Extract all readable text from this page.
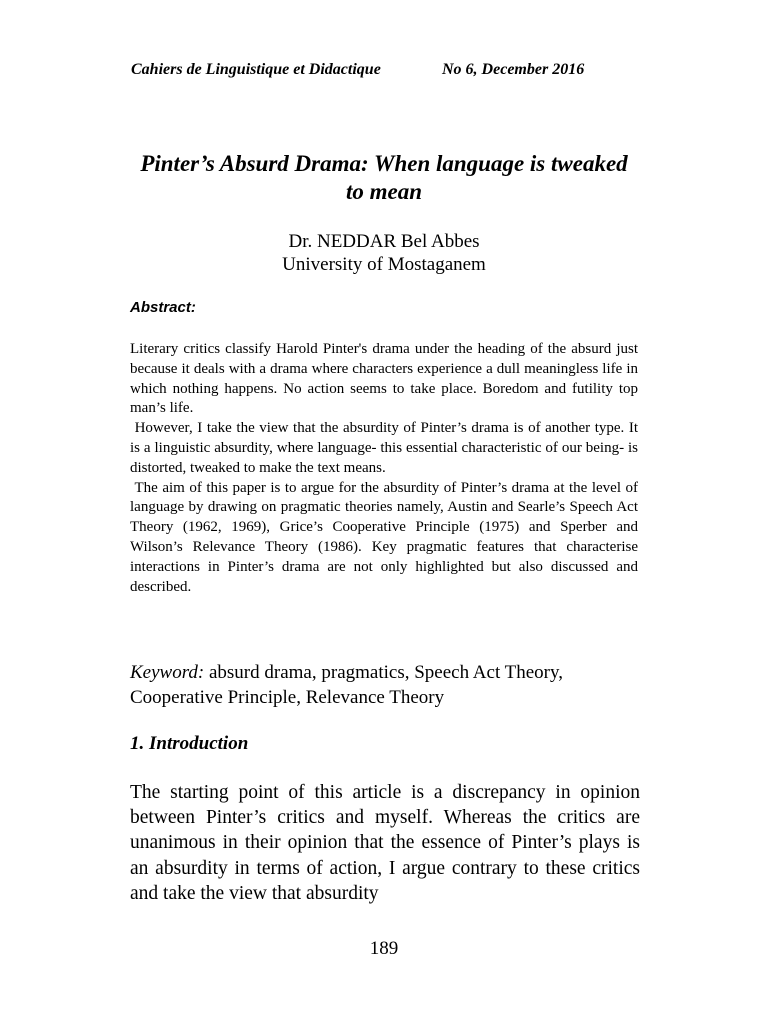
Cahiers de Linguistique et Didactique	No 6, December 2016
Pinter’s Absurd Drama: When language is tweaked to mean
Dr. NEDDAR Bel Abbes
University of Mostaganem
Abstract:

Literary critics classify Harold Pinter's drama under the heading of the absurd just because it deals with a drama where characters experience a dull meaningless life in which nothing happens. No action seems to take place. Boredom and futility top man’s life.

However, I take the view that the absurdity of Pinter’s drama is of another type. It is a linguistic absurdity, where language- this essential characteristic of our being- is distorted, tweaked to make the text means.

The aim of this paper is to argue for the absurdity of Pinter’s drama at the level of language by drawing on pragmatic theories namely, Austin and Searle’s Speech Act Theory (1962, 1969), Grice’s Cooperative Principle (1975) and Sperber and Wilson’s Relevance Theory (1986). Key pragmatic features that characterise interactions in Pinter’s drama are not only highlighted but also discussed and described.

Keyword: absurd drama, pragmatics, Speech Act Theory, Cooperative Principle, Relevance Theory
1. Introduction

The starting point of this article is a discrepancy in opinion between Pinter’s critics and myself. Whereas the critics are unanimous in their opinion that the essence of Pinter’s plays is an absurdity in terms of action, I argue contrary to these critics and take the view that absurdity

189
